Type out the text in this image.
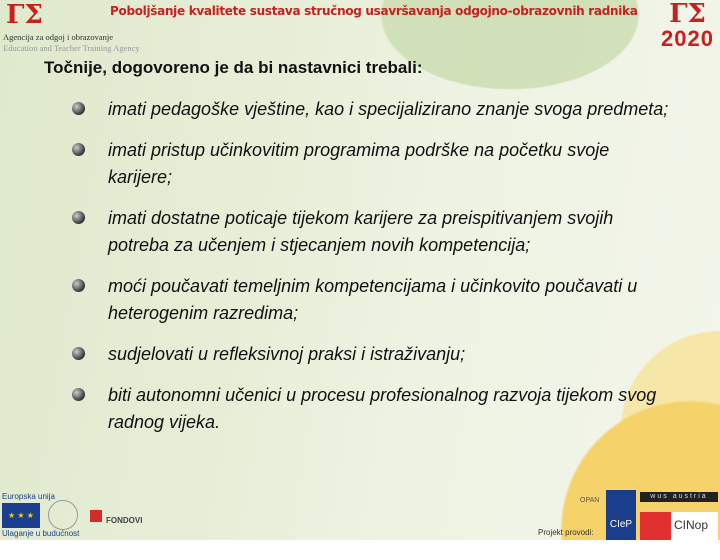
ΓΣ
Agencija za odgoj i obrazovanje
Education and Teacher Training Agency
Poboljšanje kvalitete sustava stručnog usavršavanja odgojno-obrazovnih radnika	ΓΣ
2020
Točnije, dogovoreno je da bi nastavnici trebali:
imati pedagoške vještine, kao i specijalizirano znanje svoga predmeta;
imati pristup učinkovitim programima podrške na početku svoje karijere;
imati dostatne poticaje tijekom karijere za preispitivanjem svojih potreba za učenjem i stjecanjem novih kompetencija;
moći poučavati temeljnim kompetencijama i učinkovito poučavati u heterogenim razredima;
sudjelovati u refleksivnoj praksi i istraživanju;
biti autonomni učenici u procesu profesionalnog razvoja tijekom svog radnog vijeka.
Europska unija
★ ★ ★
FONDOVI
Ulaganje u budućnost	Projekt provodi:
OPAN
CIeP
wus austria
CINop
